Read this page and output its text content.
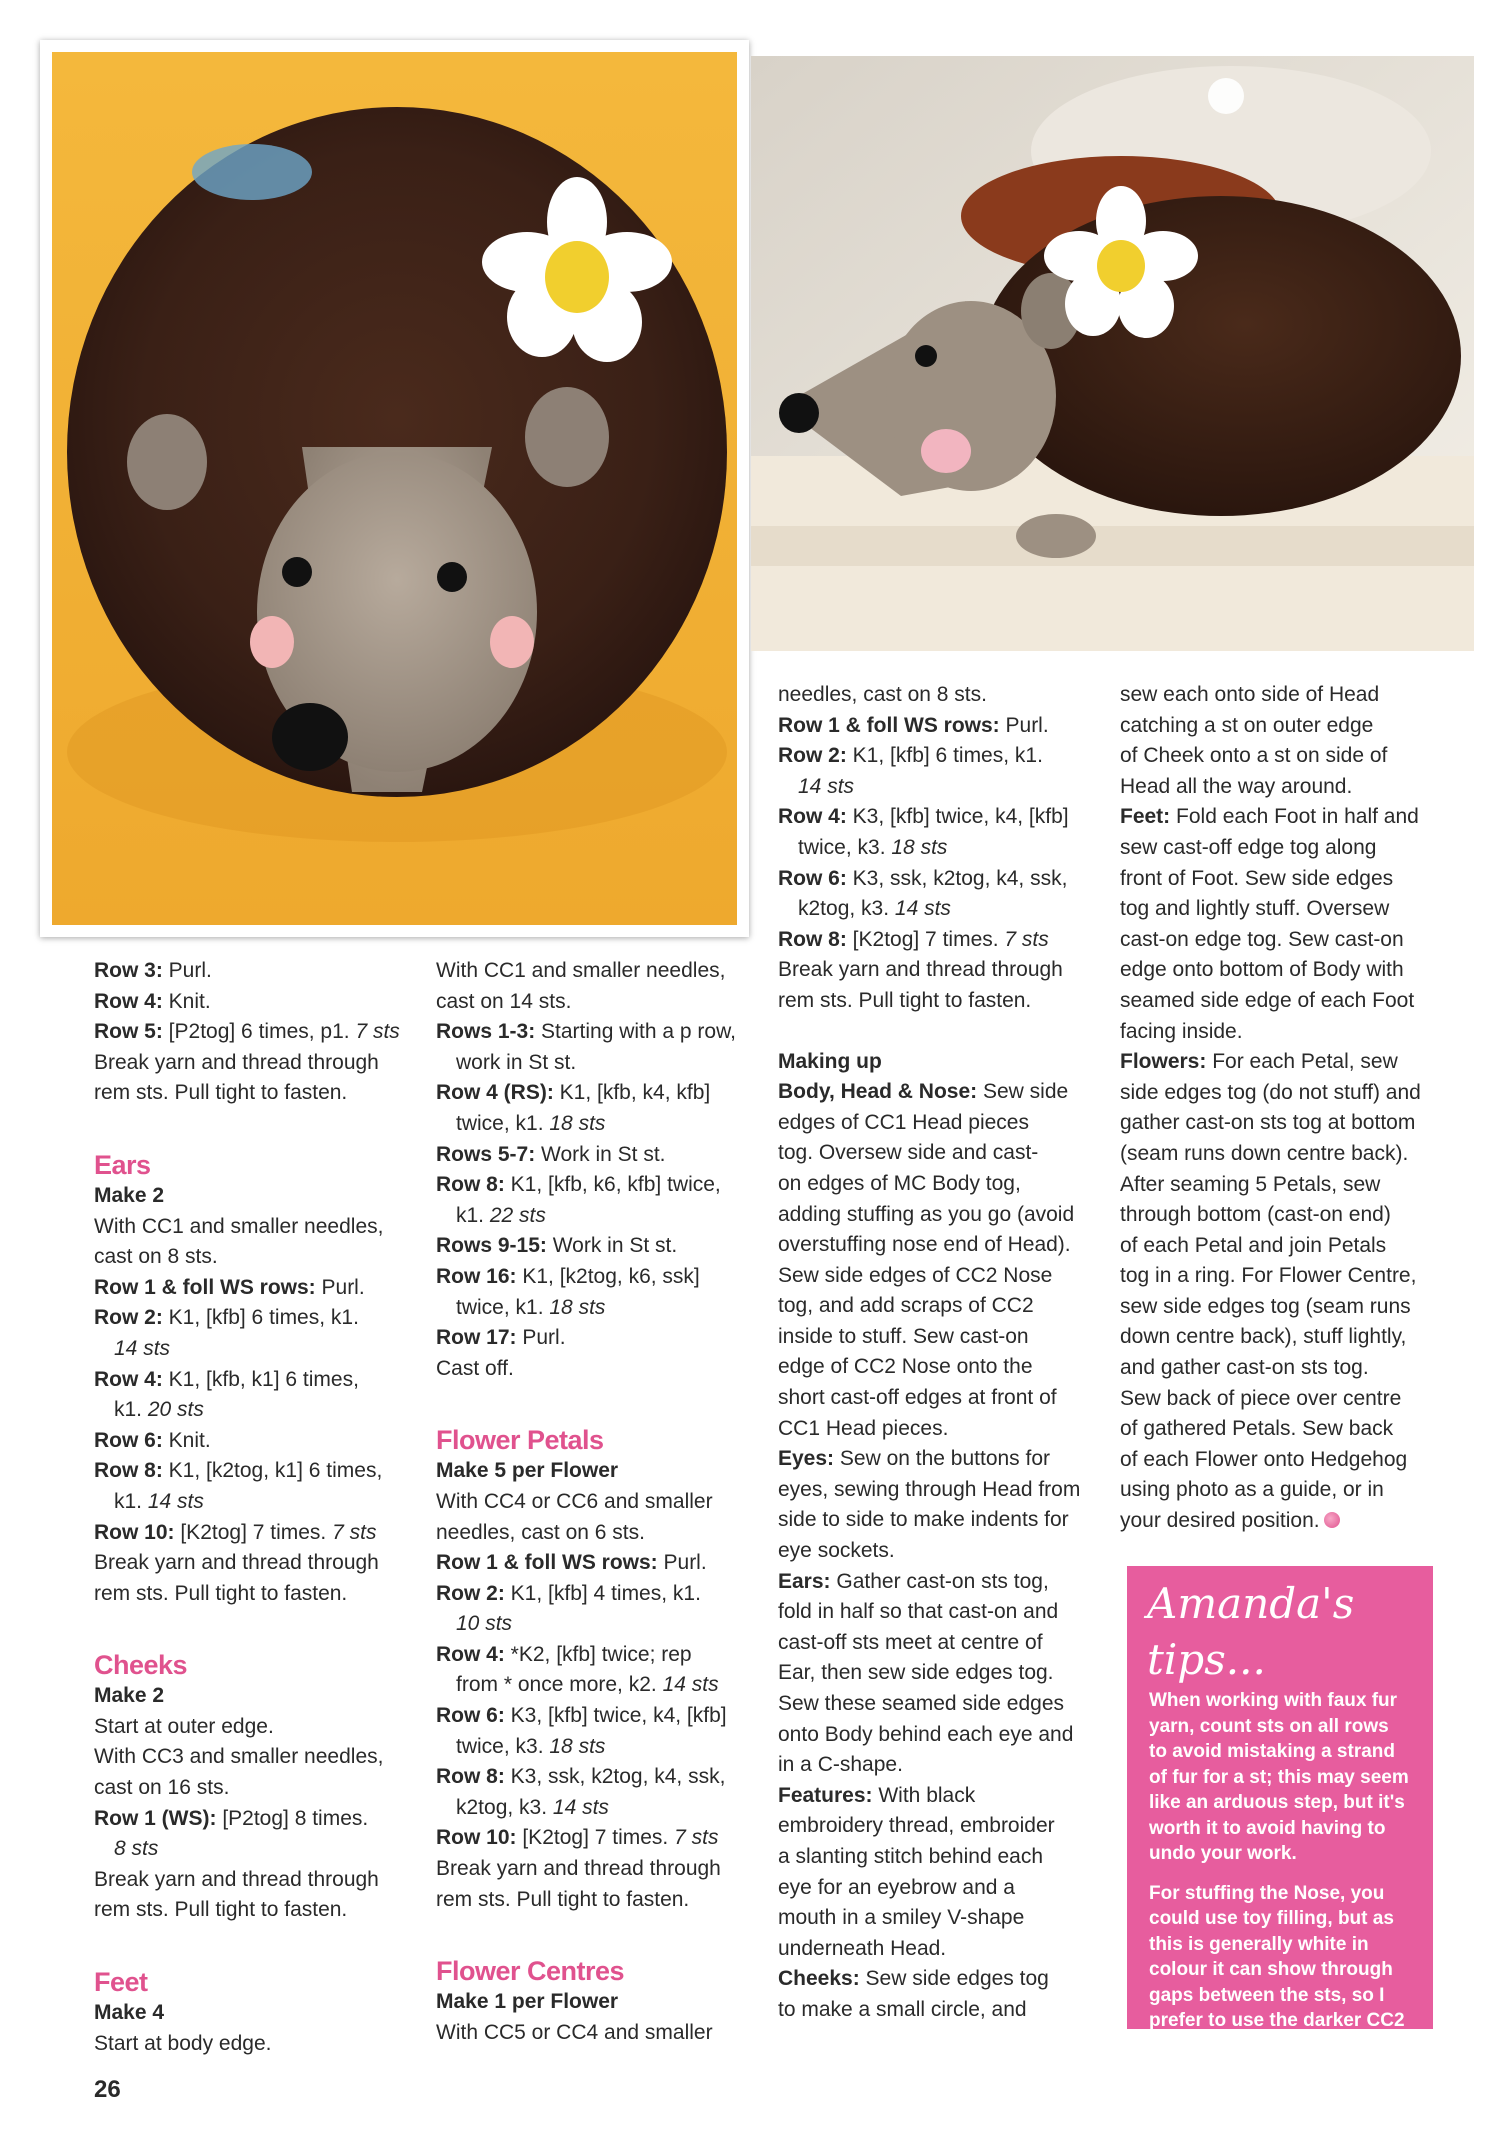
Row 3: Purl.

Row 4: Knit.

Row 5: [P2tog] 6 times, p1. 7 sts

Break yarn and thread through

rem sts. Pull tight to fasten.

Ears

Make 2

With CC1 and smaller needles,

cast on 8 sts.

Row 1 & foll WS rows: Purl.

Row 2: K1, [kfb] 6 times, k1.

14 sts

Row 4: K1, [kfb, k1] 6 times,

k1. 20 sts

Row 6: Knit.

Row 8: K1, [k2tog, k1] 6 times,

k1. 14 sts

Row 10: [K2tog] 7 times. 7 sts

Break yarn and thread through

rem sts. Pull tight to fasten.

Cheeks

Make 2

Start at outer edge.

With CC3 and smaller needles,

cast on 16 sts.

Row 1 (WS): [P2tog] 8 times.

8 sts

Break yarn and thread through

rem sts. Pull tight to fasten.

Feet

Make 4

Start at body edge.

With CC1 and smaller needles,

cast on 14 sts.

Rows 1-3: Starting with a p row,

work in St st.

Row 4 (RS): K1, [kfb, k4, kfb]

twice, k1. 18 sts

Rows 5-7: Work in St st.

Row 8: K1, [kfb, k6, kfb] twice,

k1. 22 sts

Rows 9-15: Work in St st.

Row 16: K1, [k2tog, k6, ssk]

twice, k1. 18 sts

Row 17: Purl.

Cast off.

Flower Petals

Make 5 per Flower

With CC4 or CC6 and smaller

needles, cast on 6 sts.

Row 1 & foll WS rows: Purl.

Row 2: K1, [kfb] 4 times, k1.

10 sts

Row 4: *K2, [kfb] twice; rep

from * once more, k2. 14 sts

Row 6: K3, [kfb] twice, k4, [kfb]

twice, k3. 18 sts

Row 8: K3, ssk, k2tog, k4, ssk,

k2tog, k3. 14 sts

Row 10: [K2tog] 7 times. 7 sts

Break yarn and thread through

rem sts. Pull tight to fasten.

Flower Centres

Make 1 per Flower

With CC5 or CC4 and smaller

needles, cast on 8 sts.

Row 1 & foll WS rows: Purl.

Row 2: K1, [kfb] 6 times, k1.

14 sts

Row 4: K3, [kfb] twice, k4, [kfb]

twice, k3. 18 sts

Row 6: K3, ssk, k2tog, k4, ssk,

k2tog, k3. 14 sts

Row 8: [K2tog] 7 times. 7 sts

Break yarn and thread through

rem sts. Pull tight to fasten.

Making up

Body, Head & Nose: Sew side

edges of CC1 Head pieces

tog. Oversew side and cast-

on edges of MC Body tog,

adding stuffing as you go (avoid

overstuffing nose end of Head).

Sew side edges of CC2 Nose

tog, and add scraps of CC2

inside to stuff. Sew cast-on

edge of CC2 Nose onto the

short cast-off edges at front of

CC1 Head pieces.

Eyes: Sew on the buttons for

eyes, sewing through Head from

side to side to make indents for

eye sockets.

Ears: Gather cast-on sts tog,

fold in half so that cast-on and

cast-off sts meet at centre of

Ear, then sew side edges tog.

Sew these seamed side edges

onto Body behind each eye and

in a C-shape.

Features: With black

embroidery thread, embroider

a slanting stitch behind each

eye for an eyebrow and a

mouth in a smiley V-shape

underneath Head.

Cheeks: Sew side edges tog

to make a small circle, and

sew each onto side of Head

catching a st on outer edge

of Cheek onto a st on side of

Head all the way around.

Feet: Fold each Foot in half and

sew cast-off edge tog along

front of Foot. Sew side edges

tog and lightly stuff. Oversew

cast-on edge tog. Sew cast-on

edge onto bottom of Body with

seamed side edge of each Foot

facing inside.

Flowers: For each Petal, sew

side edges tog (do not stuff) and

gather cast-on sts tog at bottom

(seam runs down centre back).

After seaming 5 Petals, sew

through bottom (cast-on end)

of each Petal and join Petals

tog in a ring. For Flower Centre,

sew side edges tog (seam runs

down centre back), stuff lightly,

and gather cast-on sts tog.

Sew back of piece over centre

of gathered Petals. Sew back

of each Flower onto Hedgehog

using photo as a guide, or in

your desired position.

Amanda's tips...

When working with faux fur yarn, count sts on all rows to avoid mistaking a strand of fur for a st; this may seem like an arduous step, but it's worth it to avoid having to undo your work.

For stuffing the Nose, you could use toy filling, but as this is generally white in colour it can show through gaps between the sts, so I prefer to use the darker CC2 yarn scraps.

26
